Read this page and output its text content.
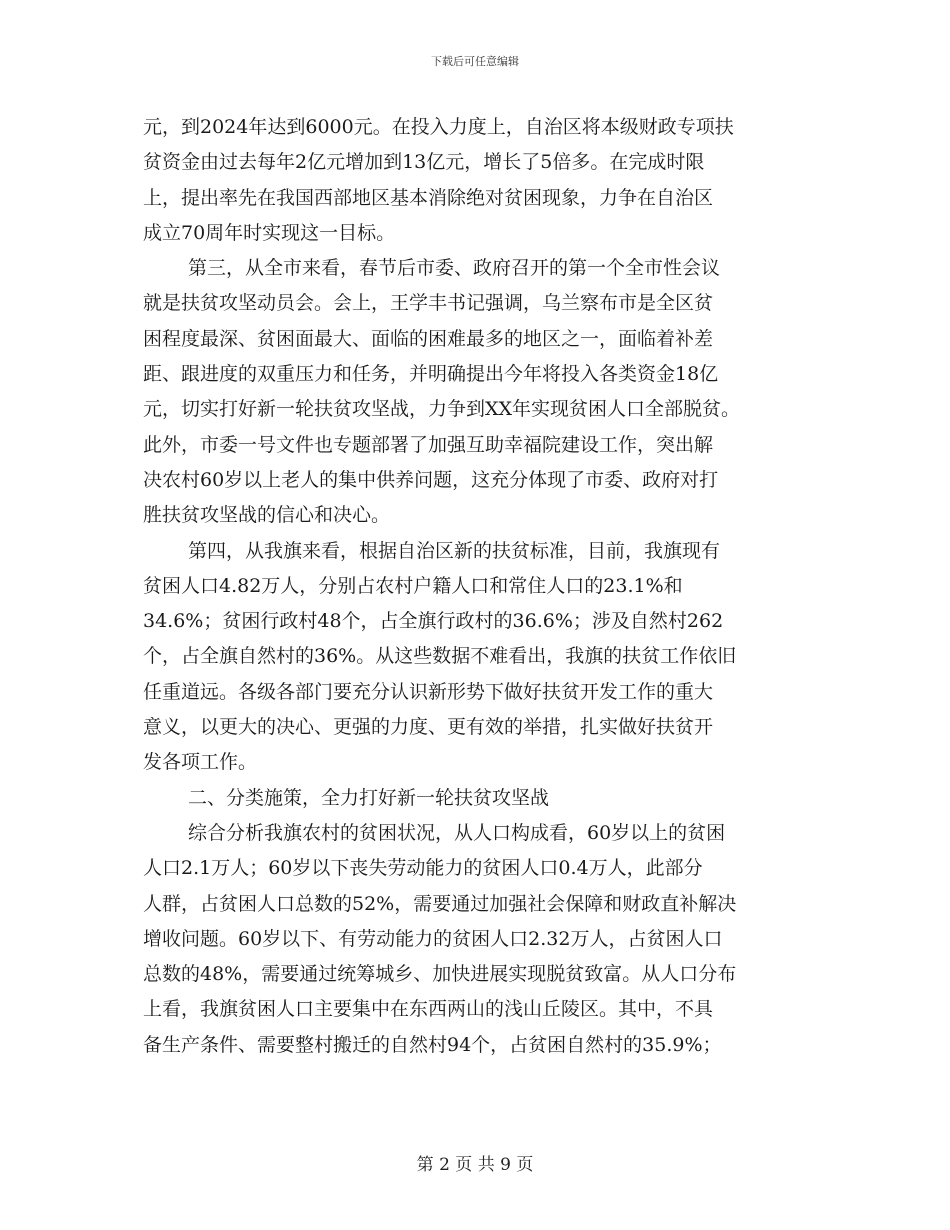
下载后可任意编辑
元，到2024年达到6000元。在投入力度上，自治区将本级财政专项扶
贫资金由过去每年2亿元增加到13亿元，增长了5倍多。在完成时限
上，提出率先在我国西部地区基本消除绝对贫困现象，力争在自治区
成立70周年时实现这一目标。
第三，从全市来看，春节后市委、政府召开的第一个全市性会议
就是扶贫攻坚动员会。会上，王学丰书记强调，乌兰察布市是全区贫
困程度最深、贫困面最大、面临的困难最多的地区之一，面临着补差
距、跟进度的双重压力和任务，并明确提出今年将投入各类资金18亿
元，切实打好新一轮扶贫攻坚战，力争到XX年实现贫困人口全部脱贫。
此外，市委一号文件也专题部署了加强互助幸福院建设工作，突出解
决农村60岁以上老人的集中供养问题，这充分体现了市委、政府对打
胜扶贫攻坚战的信心和决心。
第四，从我旗来看，根据自治区新的扶贫标准，目前，我旗现有
贫困人口4.82万人，分别占农村户籍人口和常住人口的23.1%和
34.6%；贫困行政村48个，占全旗行政村的36.6%；涉及自然村262
个，占全旗自然村的36%。从这些数据不难看出，我旗的扶贫工作依旧
任重道远。各级各部门要充分认识新形势下做好扶贫开发工作的重大
意义，以更大的决心、更强的力度、更有效的举措，扎实做好扶贫开
发各项工作。
二、分类施策，全力打好新一轮扶贫攻坚战
综合分析我旗农村的贫困状况，从人口构成看，60岁以上的贫困
人口2.1万人；60岁以下丧失劳动能力的贫困人口0.4万人，此部分
人群，占贫困人口总数的52%，需要通过加强社会保障和财政直补解决
增收问题。60岁以下、有劳动能力的贫困人口2.32万人，占贫困人口
总数的48%，需要通过统筹城乡、加快进展实现脱贫致富。从人口分布
上看，我旗贫困人口主要集中在东西两山的浅山丘陵区。其中，不具
备生产条件、需要整村搬迁的自然村94个，占贫困自然村的35.9%；
第 2 页 共 9 页
